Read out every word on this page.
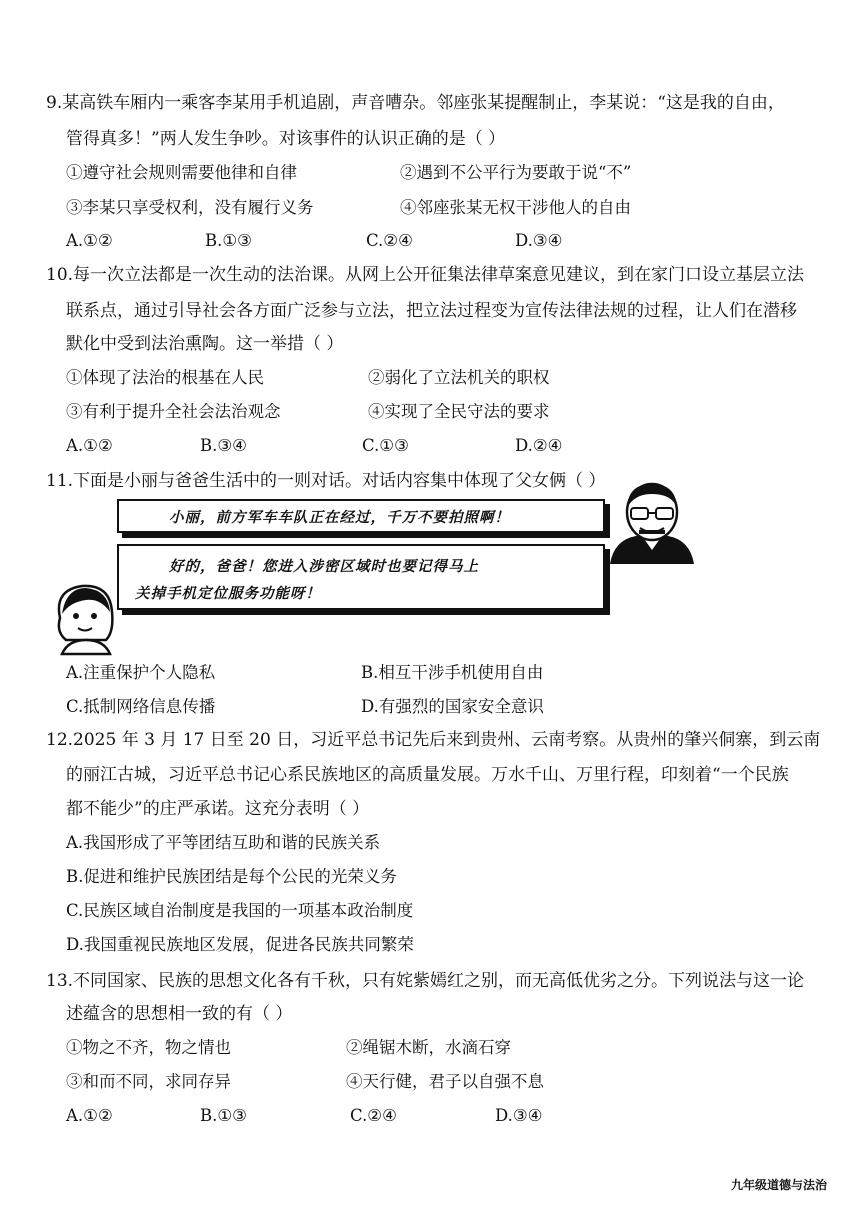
9.某高铁车厢内一乘客李某用手机追剧，声音嘈杂。邻座张某提醒制止，李某说：“这是我的自由，
管得真多！”两人发生争吵。对该事件的认识正确的是（ ）
①遵守社会规则需要他律和自律	②遇到不公平行为要敢于说“不”
③李某只享受权利，没有履行义务	④邻座张某无权干涉他人的自由
A.①②	B.①③	C.②④	D.③④
10.每一次立法都是一次生动的法治课。从网上公开征集法律草案意见建议，到在家门口设立基层立法
联系点，通过引导社会各方面广泛参与立法，把立法过程变为宣传法律法规的过程，让人们在潜移
默化中受到法治熏陶。这一举措（ ）
①体现了法治的根基在人民	②弱化了立法机关的职权
③有利于提升全社会法治观念	④实现了全民守法的要求
A.①②	B.③④	C.①③	D.②④
11.下面是小丽与爸爸生活中的一则对话。对话内容集中体现了父女俩（ ）
小丽，前方军车车队正在经过，千万不要拍照啊！
好的，爸爸！您进入涉密区域时也要记得马上
关掉手机定位服务功能呀！
A.注重保护个人隐私	B.相互干涉手机使用自由
C.抵制网络信息传播	D.有强烈的国家安全意识
12.2025 年 3 月 17 日至 20 日，习近平总书记先后来到贵州、云南考察。从贵州的肇兴侗寨，到云南
的丽江古城，习近平总书记心系民族地区的高质量发展。万水千山、万里行程，印刻着“一个民族
都不能少”的庄严承诺。这充分表明（ ）
A.我国形成了平等团结互助和谐的民族关系
B.促进和维护民族团结是每个公民的光荣义务
C.民族区域自治制度是我国的一项基本政治制度
D.我国重视民族地区发展，促进各民族共同繁荣
13.不同国家、民族的思想文化各有千秋，只有姹紫嫣红之别，而无高低优劣之分。下列说法与这一论
述蕴含的思想相一致的有（ ）
①物之不齐，物之情也	②绳锯木断，水滴石穿
③和而不同，求同存异	④天行健，君子以自强不息
A.①②	B.①③	C.②④	D.③④
九年级道德与法治
